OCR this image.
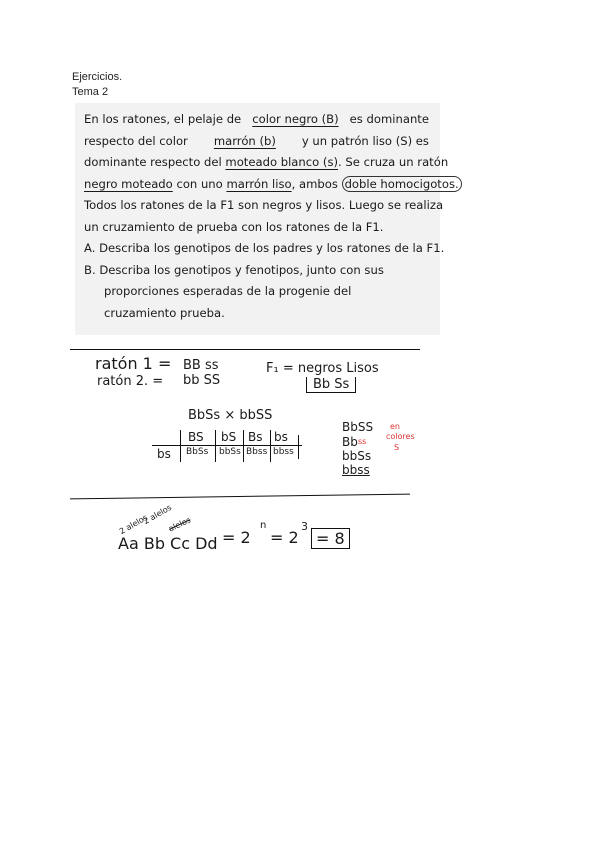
Ejercicios.
Tema 2
En los ratones, el pelaje de color negro (B) es dominante
respecto del color marrón (b) y un patrón liso (S) es
dominante respecto del moteado blanco (s). Se cruza un ratón
negro moteado con uno marrón liso, ambos doble homocigotos.
Todos los ratones de la F1 son negros y lisos. Luego se realiza
un cruzamiento de prueba con los ratones de la F1.
A. Describa los genotipos de los padres y los ratones de la F1.
B. Describa los genotipos y fenotipos, junto con sus
proporciones esperadas de la progenie del
cruzamiento prueba.
ratón 1 = BB ss
ratón 2. = bb SS
F₁ = negros Lisos
Bb Ss
BbSs × bbSS
BS bS Bs bs
bs BbSs bbSs Bbss bbss
BbSS
Bb ss
bbSs
bbss
en
colores
S
2 alelos
2 alelos
alelos
Aa Bb Cc Dd = 2
n
= 2
3
= 8
